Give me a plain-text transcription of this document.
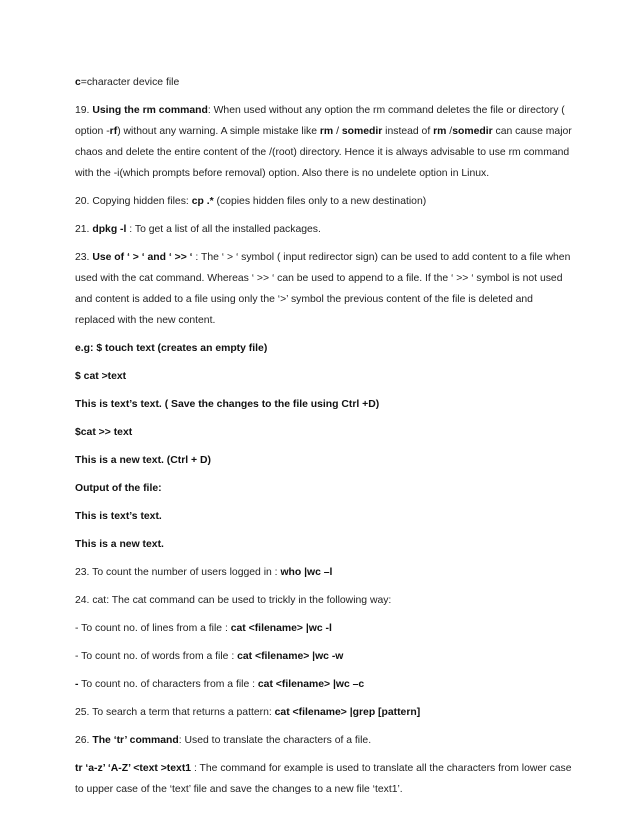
c=character device file

19. Using the rm command: When used without any option the rm command deletes the file or directory ( option -rf) without any warning. A simple mistake like rm / somedir instead of rm /somedir can cause major chaos and delete the entire content of the /(root) directory. Hence it is always advisable to use rm command with the -i(which prompts before removal) option. Also there is no undelete option in Linux.

20. Copying hidden files: cp .* (copies hidden files only to a new destination)

21. dpkg -l : To get a list of all the installed packages.

23. Use of ‘ > ‘ and ‘ >> ‘ : The ‘ > ‘ symbol ( input redirector sign) can be used to add content to a file when used with the cat command. Whereas ‘ >> ‘ can be used to append to a file. If the ‘ >> ‘ symbol is not used and content is added to a file using only the ‘>’ symbol the previous content of the file is deleted and replaced with the new content.

e.g: $ touch text (creates an empty file)

$ cat >text

This is text’s text. ( Save the changes to the file using Ctrl +D)

$cat >> text

This is a new text. (Ctrl + D)

Output of the file:

This is text’s text.

This is a new text.

23. To count the number of users logged in : who |wc –l

24. cat: The cat command can be used to trickly in the following way:

- To count no. of lines from a file : cat <filename> |wc -l

- To count no. of words from a file : cat <filename> |wc -w

- To count no. of characters from a file : cat <filename> |wc –c

25. To search a term that returns a pattern: cat <filename> |grep [pattern]

26. The ‘tr’ command: Used to translate the characters of a file.

tr ‘a-z’ ‘A-Z’ <text >text1 : The command for example is used to translate all the characters from lower case to upper case of the ‘text’ file and save the changes to a new file ‘text1’.
